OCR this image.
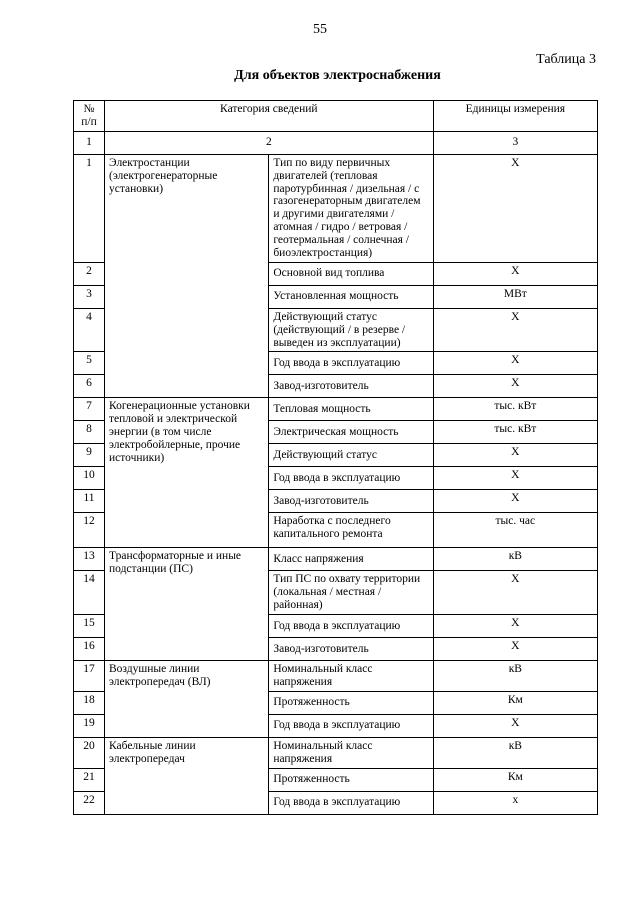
55
Таблица 3
Для объектов электроснабжения
№ п/п	Категория сведений		Единицы измерения
1	2		3
1	Электростанции (электрогенераторные установки)	Тип по виду первичных двигателей (тепловая паротурбинная / дизельная / с газогенераторным двигателем и другими двигателями / атомная / гидро / ветровая / геотермальная / солнечная / биоэлектростанция)	X
2		Основной вид топлива	X
3		Установленная мощность	МВт
4		Действующий статус (действующий / в резерве / выведен из эксплуатации)	X
5		Год ввода в эксплуатацию	X
6		Завод-изготовитель	X
7	Когенерационные установки тепловой и электрической энергии (в том числе электробойлерные, прочие источники)	Тепловая мощность	тыс. кВт
8		Электрическая мощность	тыс. кВт
9		Действующий статус	X
10		Год ввода в эксплуатацию	X
11		Завод-изготовитель	X
12		Наработка с последнего капитального ремонта	тыс. час
13	Трансформаторные и иные подстанции (ПС)	Класс напряжения	кВ
14		Тип ПС по охвату территории (локальная / местная / районная)	X
15		Год ввода в эксплуатацию	X
16		Завод-изготовитель	X
17	Воздушные линии электропередач (ВЛ)	Номинальный класс напряжения	кВ
18		Протяженность	Км
19		Год ввода в эксплуатацию	X
20	Кабельные линии электропередач	Номинальный класс напряжения	кВ
21		Протяженность	Км
22		Год ввода в эксплуатацию	x
